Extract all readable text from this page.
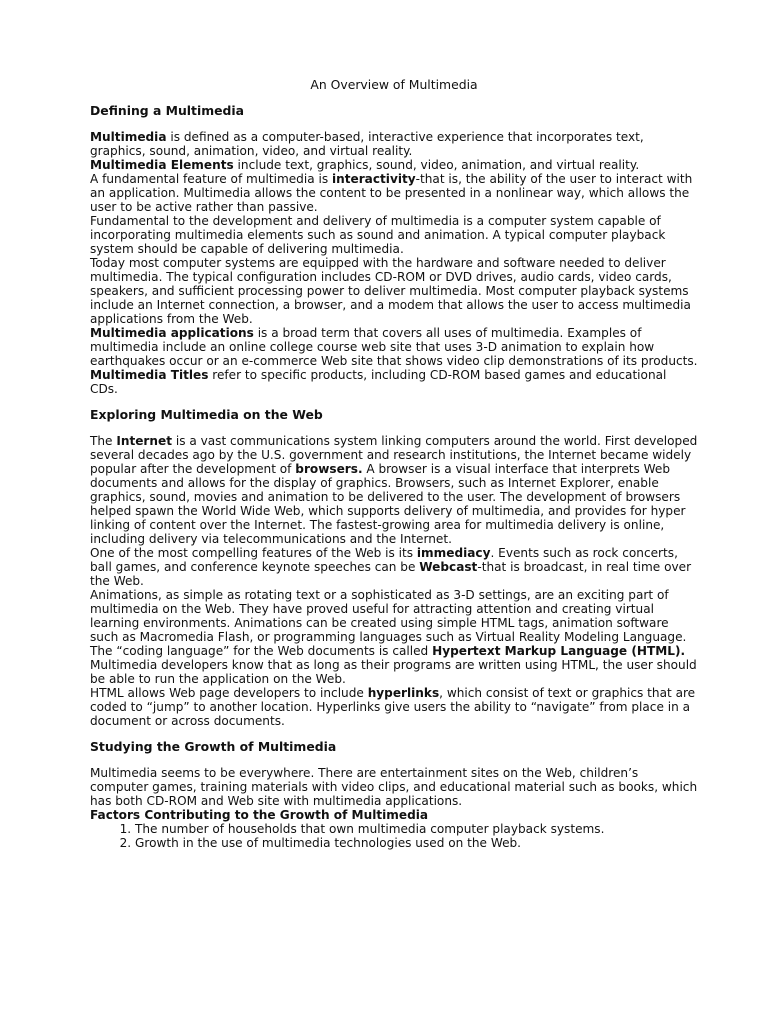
An Overview of Multimedia
Defining a Multimedia

Multimedia is defined as a computer-based, interactive experience that incorporates text, graphics, sound, animation, video, and virtual reality.

Multimedia Elements include text, graphics, sound, video, animation, and virtual reality.

A fundamental feature of multimedia is interactivity-that is, the ability of the user to interact with an application. Multimedia allows the content to be presented in a nonlinear way, which allows the user to be active rather than passive.

Fundamental to the development and delivery of multimedia is a computer system capable of incorporating multimedia elements such as sound and animation. A typical computer playback system should be capable of delivering multimedia.

Today most computer systems are equipped with the hardware and software needed to deliver multimedia. The typical configuration includes CD-ROM or DVD drives, audio cards, video cards, speakers, and sufficient processing power to deliver multimedia. Most computer playback systems include an Internet connection, a browser, and a modem that allows the user to access multimedia applications from the Web.

Multimedia applications is a broad term that covers all uses of multimedia. Examples of multimedia include an online college course web site that uses 3-D animation to explain how earthquakes occur or an e-commerce Web site that shows video clip demonstrations of its products.

Multimedia Titles refer to specific products, including CD-ROM based games and educational CDs.

Exploring Multimedia on the Web

The Internet is a vast communications system linking computers around the world. First developed several decades ago by the U.S. government and research institutions, the Internet became widely popular after the development of browsers. A browser is a visual interface that interprets Web documents and allows for the display of graphics. Browsers, such as Internet Explorer, enable graphics, sound, movies and animation to be delivered to the user. The development of browsers helped spawn the World Wide Web, which supports delivery of multimedia, and provides for hyper linking of content over the Internet. The fastest-growing area for multimedia delivery is online, including delivery via telecommunications and the Internet.

One of the most compelling features of the Web is its immediacy. Events such as rock concerts, ball games, and conference keynote speeches can be Webcast-that is broadcast, in real time over the Web.

Animations, as simple as rotating text or a sophisticated as 3-D settings, are an exciting part of multimedia on the Web. They have proved useful for attracting attention and creating virtual learning environments. Animations can be created using simple HTML tags, animation software such as Macromedia Flash, or programming languages such as Virtual Reality Modeling Language. The “coding language” for the Web documents is called Hypertext Markup Language (HTML). Multimedia developers know that as long as their programs are written using HTML, the user should be able to run the application on the Web.

HTML allows Web page developers to include hyperlinks, which consist of text or graphics that are coded to “jump” to another location. Hyperlinks give users the ability to “navigate” from place in a document or across documents.

Studying the Growth of Multimedia

Multimedia seems to be everywhere. There are entertainment sites on the Web, children’s computer games, training materials with video clips, and educational material such as books, which has both CD-ROM and Web site with multimedia applications.

Factors Contributing to the Growth of Multimedia
1. The number of households that own multimedia computer playback systems.
2. Growth in the use of multimedia technologies used on the Web.
